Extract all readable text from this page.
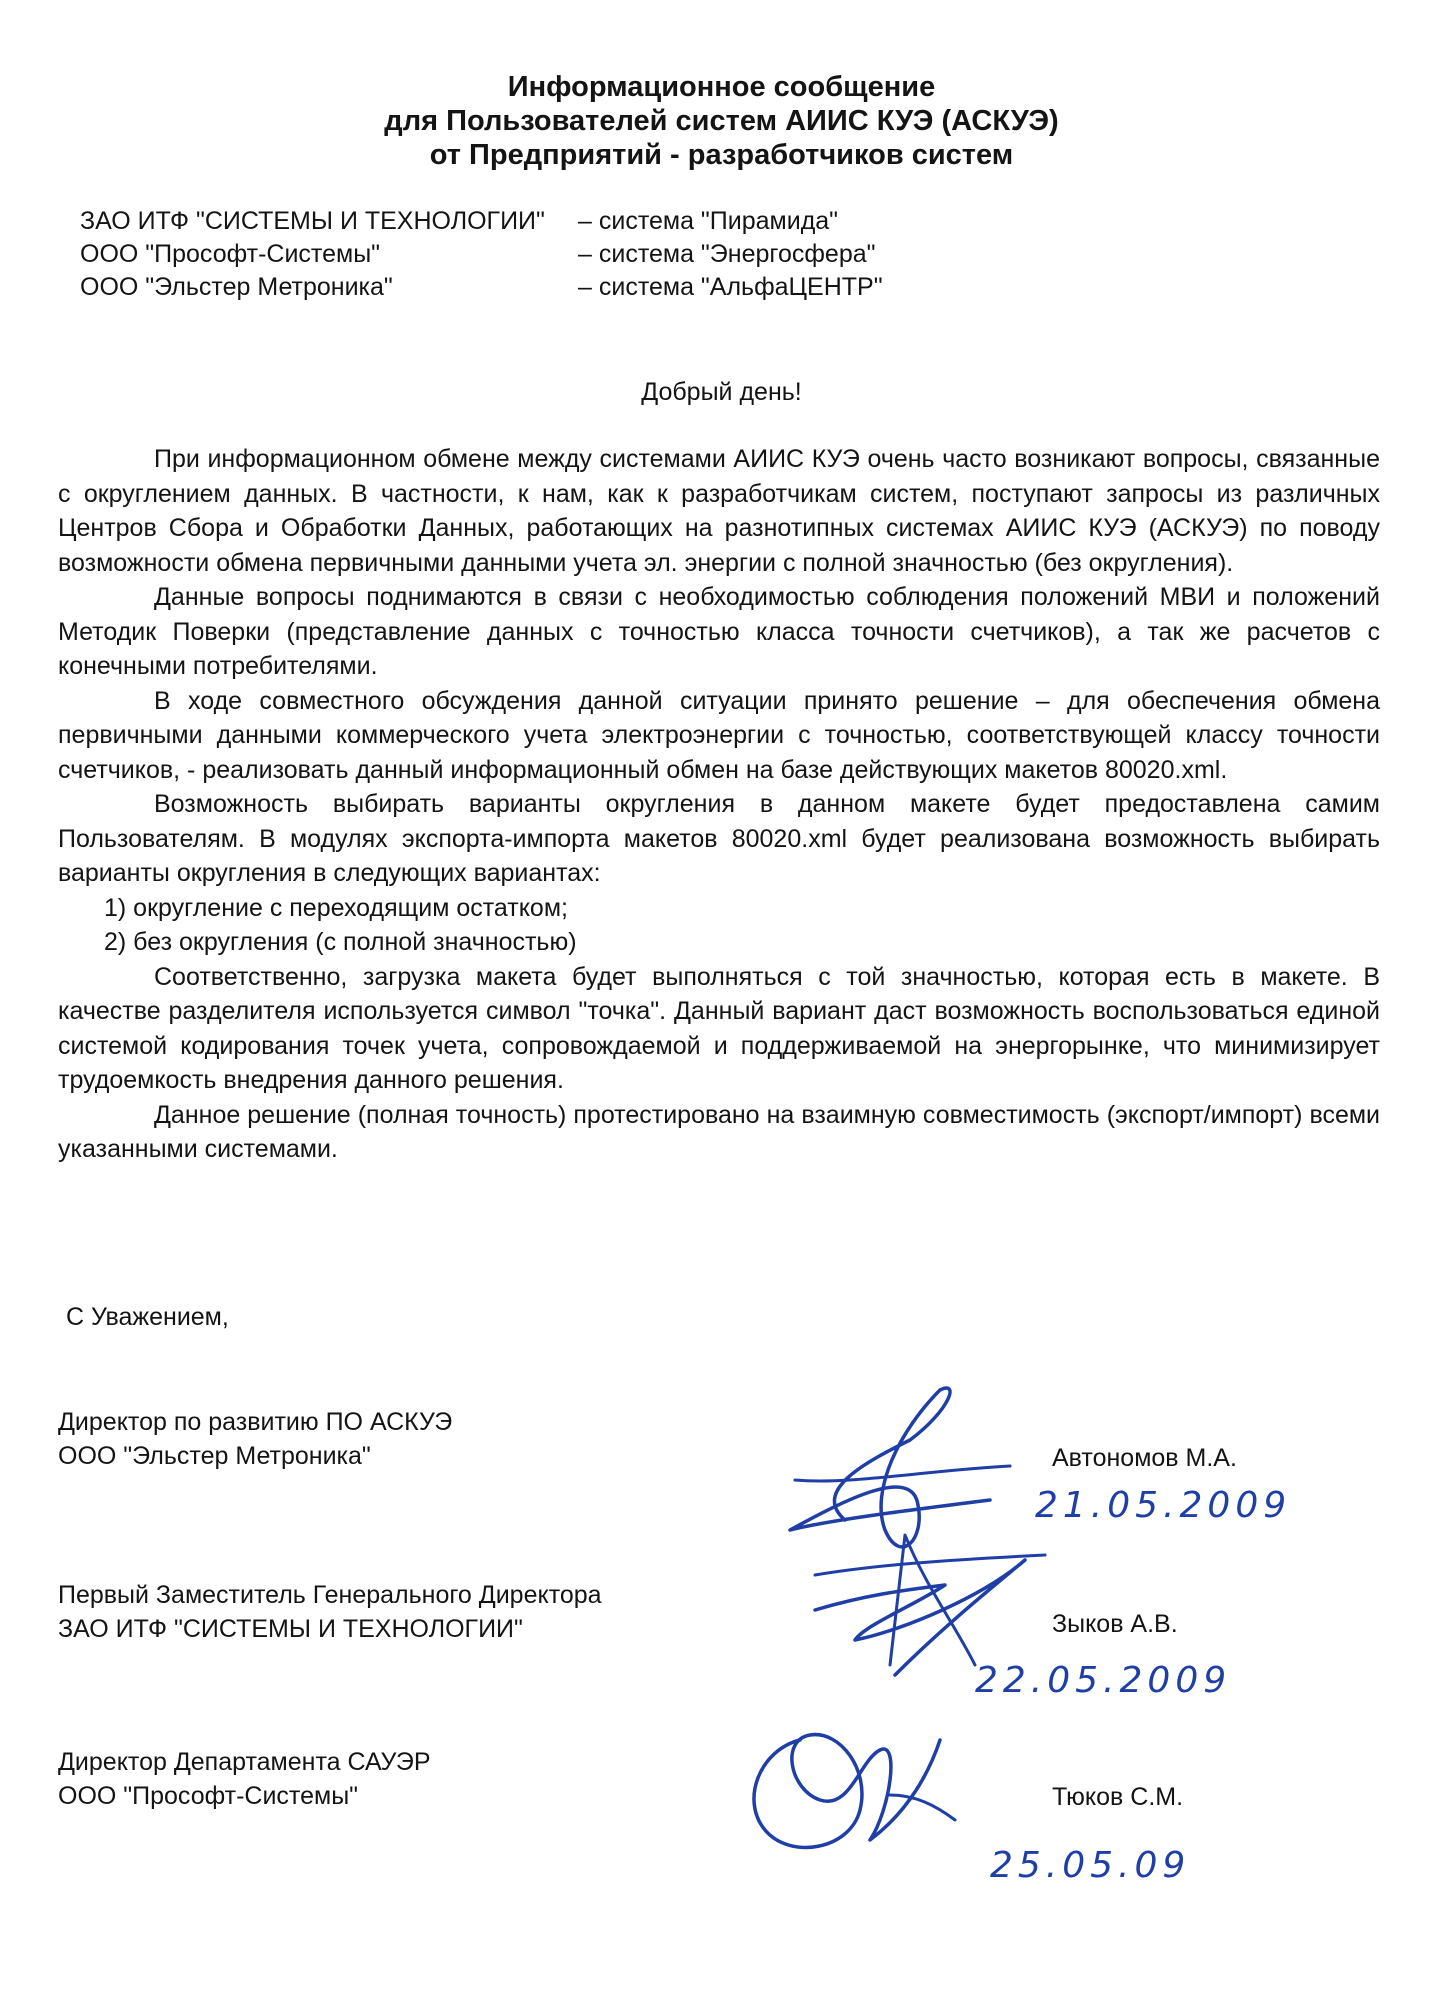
Информационное сообщение
для Пользователей систем АИИС КУЭ (АСКУЭ)
от Предприятий - разработчиков систем
ЗАО ИТФ "СИСТЕМЫ И ТЕХНОЛОГИИ" – система "Пирамида"
ООО "Прософт-Системы"	– система "Энергосфера"
ООО "Эльстер Метроника"	– система "АльфаЦЕНТР"
Добрый день!

При информационном обмене между системами АИИС КУЭ очень часто возникают вопросы, связанные с округлением данных. В частности, к нам, как к разработчикам систем, поступают запросы из различных Центров Сбора и Обработки Данных, работающих на разнотипных системах АИИС КУЭ (АСКУЭ) по поводу возможности обмена первичными данными учета эл. энергии с полной значностью (без округления).

Данные вопросы поднимаются в связи с необходимостью соблюдения положений МВИ и положений Методик Поверки (представление данных с точностью класса точности счетчиков), а так же расчетов с конечными потребителями.

В ходе совместного обсуждения данной ситуации принято решение – для обеспечения обмена первичными данными коммерческого учета электроэнергии с точностью, соответствующей классу точности счетчиков, - реализовать данный информационный обмен на базе действующих макетов 80020.xml.

Возможность выбирать варианты округления в данном макете будет предоставлена самим Пользователям. В модулях экспорта-импорта макетов 80020.xml будет реализована возможность выбирать варианты округления в следующих вариантах:

1) округление с переходящим остатком;

2) без округления (с полной значностью)

Соответственно, загрузка макета будет выполняться с той значностью, которая есть в макете. В качестве разделителя используется символ "точка". Данный вариант даст возможность воспользоваться единой системой кодирования точек учета, сопровождаемой и поддерживаемой на энергорынке, что минимизирует трудоемкость внедрения данного решения.

Данное решение (полная точность) протестировано на взаимную совместимость (экспорт/импорт) всеми указанными системами.

С Уважением,
Директор по развитию ПО АСКУЭ
ООО "Эльстер Метроника"	Автономов М.А.
21.05.2009
Первый Заместитель Генерального Директора
ЗАО ИТФ "СИСТЕМЫ И ТЕХНОЛОГИИ"	Зыков А.В.
22.05.2009
Директор Департамента САУЭР
ООО "Прософт-Системы"	Тюков С.М.
25.05.09
